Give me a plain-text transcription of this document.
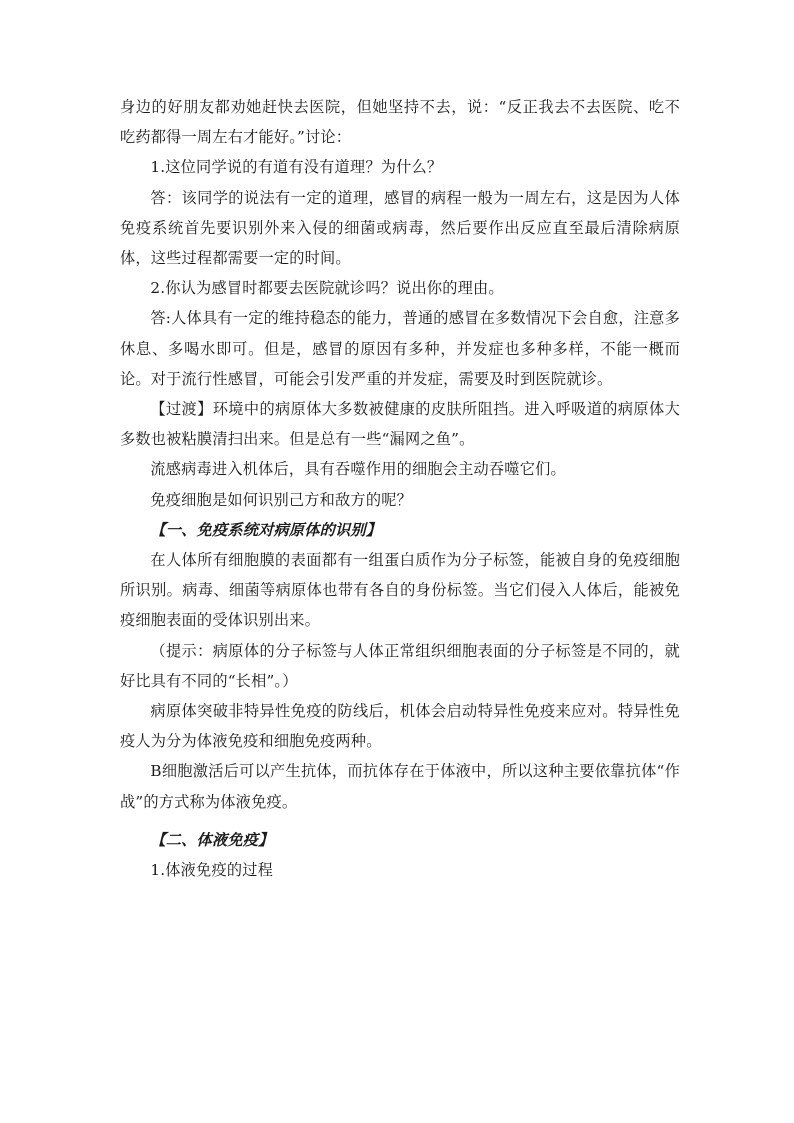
身边的好朋友都劝她赶快去医院，但她坚持不去，说：“反正我去不去医院、吃不吃药都得一周左右才能好。”讨论：

1.这位同学说的有道有没有道理？为什么？

答：该同学的说法有一定的道理，感冒的病程一般为一周左右，这是因为人体免疫系统首先要识别外来入侵的细菌或病毒，然后要作出反应直至最后清除病原体，这些过程都需要一定的时间。

2.你认为感冒时都要去医院就诊吗？说出你的理由。

答:人体具有一定的维持稳态的能力，普通的感冒在多数情况下会自愈，注意多休息、多喝水即可。但是，感冒的原因有多种，并发症也多种多样，不能一概而论。对于流行性感冒，可能会引发严重的并发症，需要及时到医院就诊。

【过渡】环境中的病原体大多数被健康的皮肤所阻挡。进入呼吸道的病原体大多数也被粘膜清扫出来。但是总有一些“漏网之鱼”。

流感病毒进入机体后，具有吞噬作用的细胞会主动吞噬它们。

免疫细胞是如何识别己方和敌方的呢？

【一、免疫系统对病原体的识别】

在人体所有细胞膜的表面都有一组蛋白质作为分子标签，能被自身的免疫细胞所识别。病毒、细菌等病原体也带有各自的身份标签。当它们侵入人体后，能被免疫细胞表面的受体识别出来。

（提示：病原体的分子标签与人体正常组织细胞表面的分子标签是不同的，就好比具有不同的“长相”。）

病原体突破非特异性免疫的防线后，机体会启动特异性免疫来应对。特异性免疫人为分为体液免疫和细胞免疫两种。

B细胞激活后可以产生抗体，而抗体存在于体液中，所以这种主要依靠抗体“作战”的方式称为体液免疫。

【二、体液免疫】

1.体液免疫的过程
